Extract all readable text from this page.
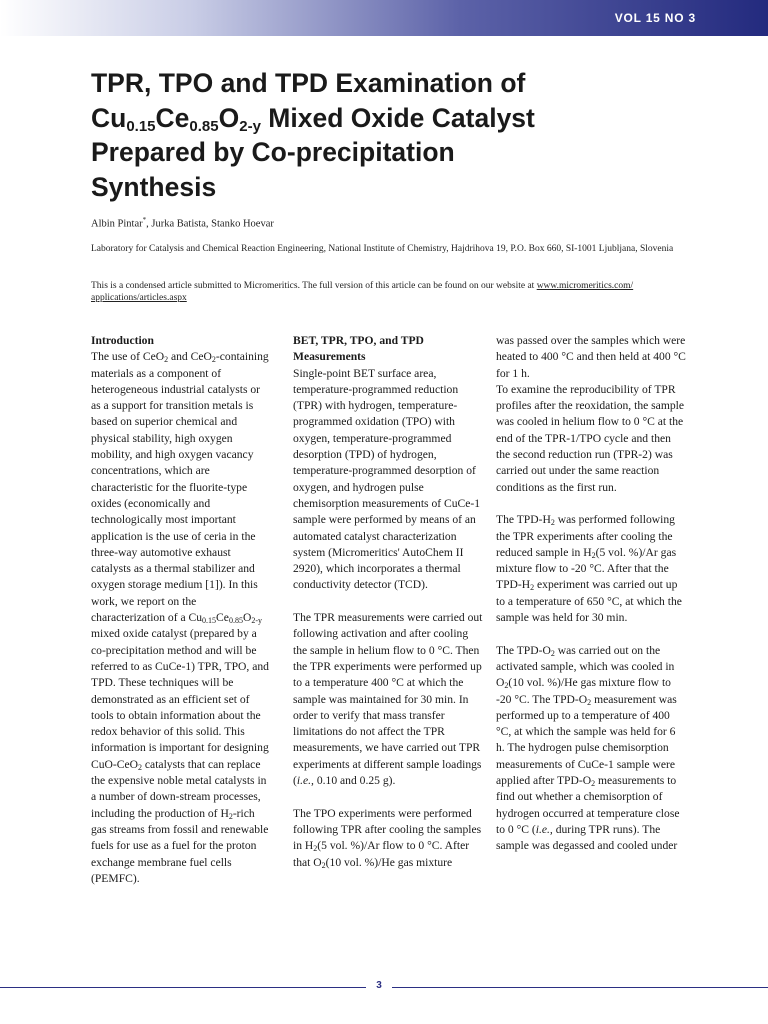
VOL 15 NO 3
TPR, TPO and TPD Examination of
$Cu_{0.15}Ce_{0.85}O_{2-y}$ Mixed Oxide Catalyst
Prepared by Co-precipitation
Synthesis
Albin Pintar*, Jurka Batista, Stanko Hoevar
Laboratory for Catalysis and Chemical Reaction Engineering, National Institute of Chemistry, Hajdrihova 19, P.O. Box 660, SI-1001 Ljubljana, Slovenia
This is a condensed article submitted to Micromeritics. The full version of this article can be found on our website at www.micromeritics.com/ applications/articles.aspx
Introduction

The use of CeO$_2$ and CeO$_2$-containing materials as a component of heterogeneous industrial catalysts or as a support for transition metals is based on superior chemical and physical stability, high oxygen mobility, and high oxygen vacancy concentrations, which are characteristic for the fluorite-type oxides (economically and technologically most important application is the use of ceria in the three-way automotive exhaust catalysts as a thermal stabilizer and oxygen storage medium [1]). In this work, we report on the characterization of a $Cu_{0.15}Ce_{0.85}O_{2-y}$ mixed oxide catalyst (prepared by a co-precipitation method and will be referred to as CuCe-1) TPR, TPO, and TPD. These techniques will be demonstrated as an efficient set of tools to obtain information about the redox behavior of this solid. This information is important for designing CuO-CeO$_2$ catalysts that can replace the expensive noble metal catalysts in a number of down-stream processes, including the production of $H_2$-rich gas streams from fossil and renewable fuels for use as a fuel for the proton exchange membrane fuel cells (PEMFC).

BET, TPR, TPO, and TPD Measurements

Single-point BET surface area, temperature-programmed reduction (TPR) with hydrogen, temperature-programmed oxidation (TPO) with oxygen, temperature-programmed desorption (TPD) of hydrogen, temperature-programmed desorption of oxygen, and hydrogen pulse chemisorption measurements of CuCe-1 sample were performed by means of an automated catalyst characterization system (Micromeritics' AutoChem II 2920), which incorporates a thermal conductivity detector (TCD).

The TPR measurements were carried out following activation and after cooling the sample in helium flow to 0 °C. Then the TPR experiments were performed up to a temperature 400 °C at which the sample was maintained for 30 min. In order to verify that mass transfer limitations do not affect the TPR measurements, we have carried out TPR experiments at different sample loadings (i.e., 0.10 and 0.25 g).

The TPO experiments were performed following TPR after cooling the samples in $H_2(5$ vol. %)/Ar flow to 0 °C. After that $O_2(10$ vol. %)/He gas mixture

was passed over the samples which were heated to 400 °C and then held at 400 °C for 1 h.

To examine the reproducibility of TPR profiles after the reoxidation, the sample was cooled in helium flow to 0 °C at the end of the TPR-1/TPO cycle and then the second reduction run (TPR-2) was carried out under the same reaction conditions as the first run.

The TPD-$H_2$ was performed following the TPR experiments after cooling the reduced sample in $H_2(5$ vol. %)/Ar gas mixture flow to -20 °C. After that the TPD-$H_2$ experiment was carried out up to a temperature of 650 °C, at which the sample was held for 30 min.

The TPD-$O_2$ was carried out on the activated sample, which was cooled in $O_2(10$ vol. %)/He gas mixture flow to -20 °C. The TPD-$O_2$ measurement was performed up to a temperature of 400 °C, at which the sample was held for 6 h. The hydrogen pulse chemisorption measurements of CuCe-1 sample were applied after TPD-$O_2$ measurements to find out whether a chemisorption of hydrogen occurred at temperature close to 0 °C (i.e., during TPR runs). The sample was degassed and cooled under

3
